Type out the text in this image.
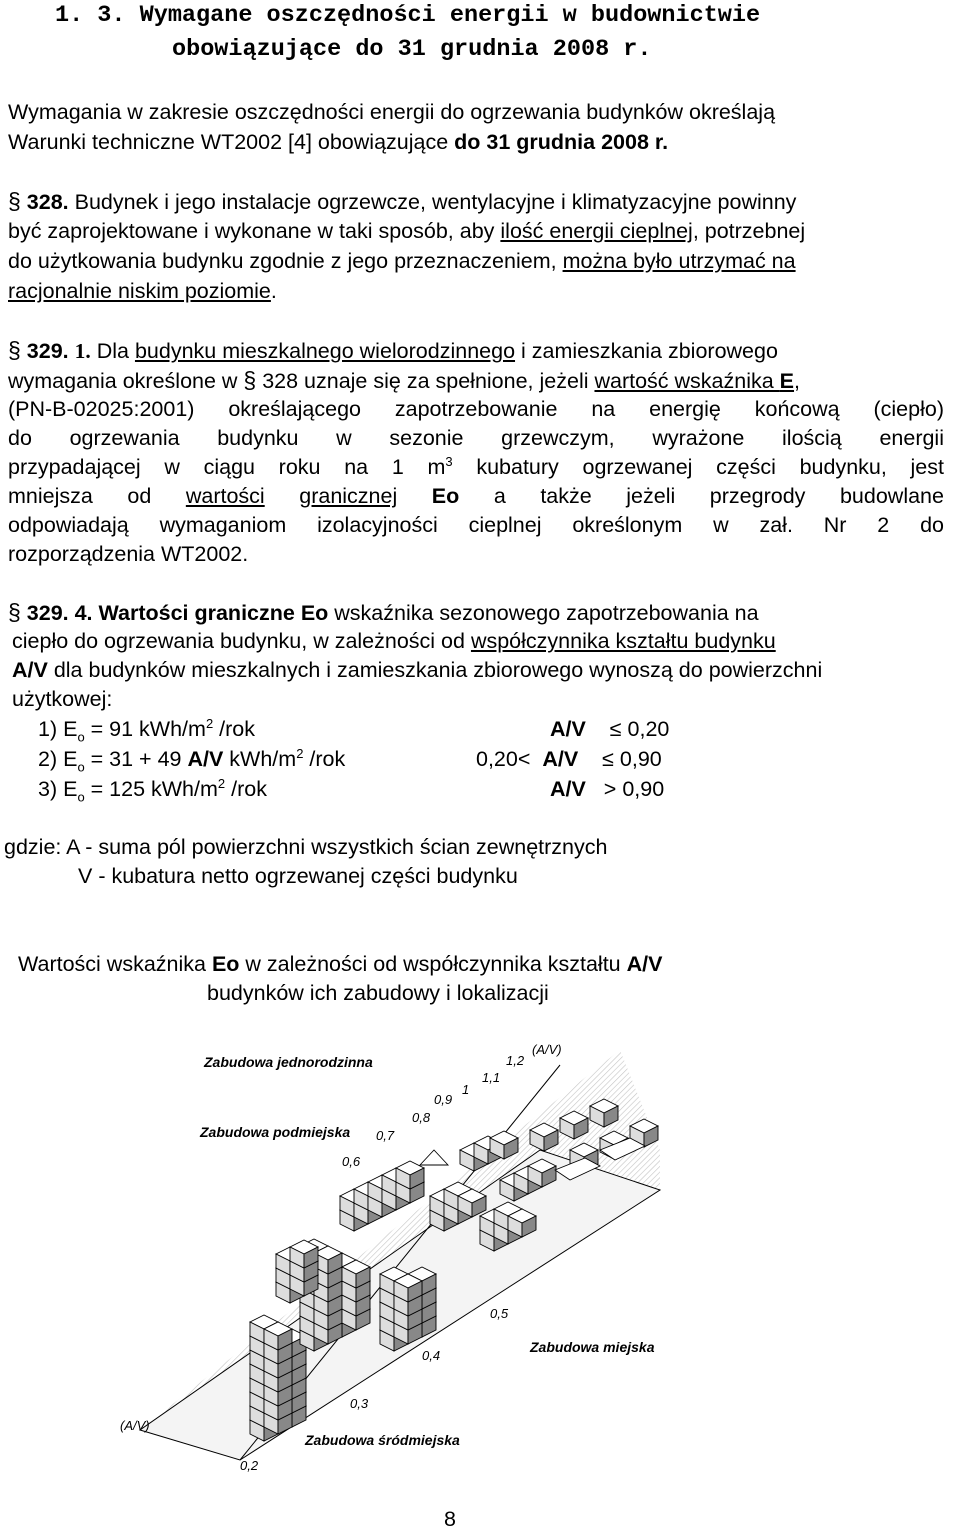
1. 3. Wymagane oszczędności energii w budownictwie
obowiązujące do 31 grudnia 2008 r.
Wymagania w zakresie oszczędności energii do ogrzewania budynków określają
Warunki techniczne WT2002 [4] obowiązujące do 31 grudnia 2008 r.
§ 328. Budynek i jego instalacje ogrzewcze, wentylacyjne i klimatyzacyjne powinny
być zaprojektowane i wykonane w taki sposób, aby ilość energii cieplnej, potrzebnej
do użytkowania budynku zgodnie z jego przeznaczeniem, można było utrzymać na
racjonalnie niskim poziomie.
§ 329. 1. Dla budynku mieszkalnego wielorodzinnego i zamieszkania zbiorowego
wymagania określone w § 328 uznaje się za spełnione, jeżeli wartość wskaźnika E,
(PN-B-02025:2001) określającego zapotrzebowanie na energię końcową (ciepło)
do ogrzewania budynku w sezonie grzewczym, wyrażone ilością energii
przypadającej w ciągu roku na 1 $m^3$ kubatury ogrzewanej części budynku, jest
mniejsza od wartości granicznej Eo a także jeżeli przegrody budowlane
odpowiadają wymaganiom izolacyjności cieplnej określonym w zał. Nr 2 do
rozporządzenia WT2002.
§ 329. 4. Wartości graniczne Eo wskaźnika sezonowego zapotrzebowania na
ciepło do ogrzewania budynku, w zależności od współczynnika kształtu budynku
A/V dla budynków mieszkalnych i zamieszkania zbiorowego wynoszą do powierzchni
użytkowej:
1) $E_o = 91$ kWh/$m^2$ /rok	A/V ≤ 0,20
2) $E_o = 31 + 49$ A/V kWh/$m^2$ /rok	0,20< A/V ≤ 0,90
3) $E_o = 125$ kWh/$m^2$ /rok	A/V > 0,90
gdzie: A - suma pól powierzchni wszystkich ścian zewnętrznych
V - kubatura netto ogrzewanej części budynku
Wartości wskaźnika Eo w zależności od współczynnika kształtu A/V
budynków ich zabudowy i lokalizacji
Zabudowa jednorodzinna
Zabudowa podmiejska
Zabudowa miejska
Zabudowa śródmiejska
(A/V)
(A/V)
1,2
1,1
1
0,9
0,8
0,7
0,6
0,5
0,4
0,3
0,2
8
